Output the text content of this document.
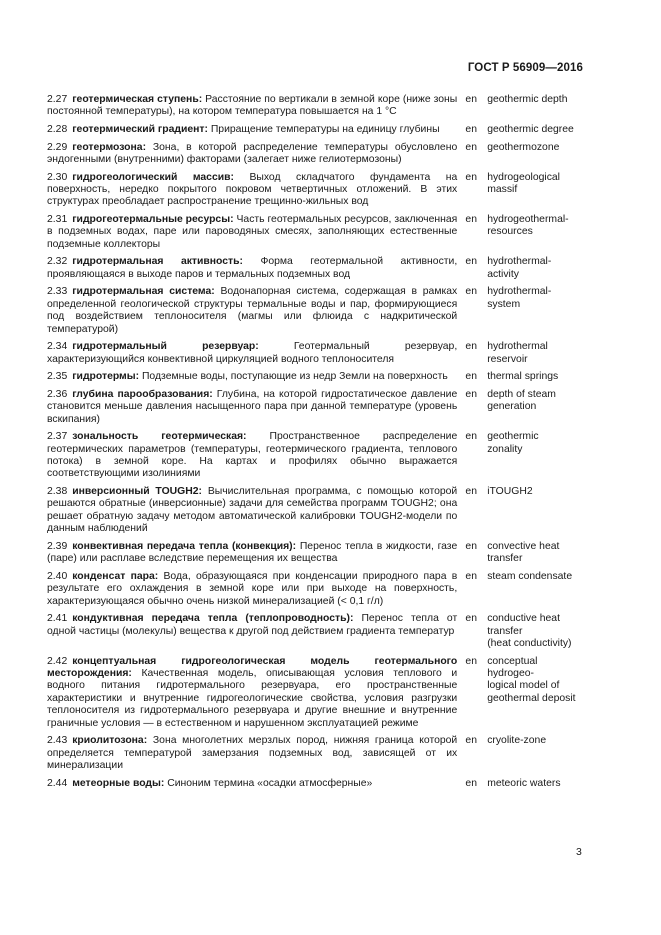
ГОСТ Р 56909—2016
2.27 геотермическая ступень: Расстояние по вертикали в земной коре (ниже зоны постоянной температуры), на котором температура повышается на 1 °С
en geothermic depth
2.28 геотермический градиент: Приращение температуры на единицу глубины	en geothermic degree
2.29 геотермозона: Зона, в которой распределение температуры обусловлено эндогенными (внутренними) факторами (залегает ниже гелиотермозоны)
en geothermozone
2.30 гидрогеологический массив: Выход складчатого фундамента на поверхность, нередко покрытого покровом четвертичных отложений. В этих структурах преобладает распространение трещинно-жильных вод
en hydrogeological
massif
2.31 гидрогеотермальные ресурсы: Часть геотермальных ресурсов, заключенная в подземных водах, паре или пароводяных смесях, заполняющих естественные подземные коллекторы
en hydrogeothermal-
resources
2.32 гидротермальная активность: Форма геотермальной активности, проявляющаяся в выходе паров и термальных подземных вод
en hydrothermal-
activity
2.33 гидротермальная система: Водонапорная система, содержащая в рамках определенной геологической структуры термальные воды и пар, формирующиеся под воздействием теплоносителя (магмы или флюида с надкритической температурой)
en hydrothermal-
system
2.34 гидротермальный резервуар: Геотермальный резервуар, характеризующийся конвективной циркуляцией водного теплоносителя
en hydrothermal
reservoir
2.35 гидротермы: Подземные воды, поступающие из недр Земли на поверхность	en thermal springs
2.36 глубина парообразования: Глубина, на которой гидростатическое давление становится меньше давления насыщенного пара при данной температуре (уровень вскипания)
en depth of steam
generation
2.37 зональность геотермическая: Пространственное распределение геотермических параметров (температуры, геотермического градиента, теплового потока) в земной коре. На картах и профилях обычно выражается соответствующими изолиниями
en geothermic
zonality
2.38 инверсионный TOUGH2: Вычислительная программа, с помощью которой решаются обратные (инверсионные) задачи для семейства программ TOUGH2; она решает обратную задачу методом автоматической калибровки TOUGH2-модели по данным наблюдений
en iTOUGH2
2.39 конвективная передача тепла (конвекция): Перенос тепла в жидкости, газе (паре) или расплаве вследствие перемещения их вещества
en convective heat
transfer
2.40 конденсат пара: Вода, образующаяся при конденсации природного пара в результате его охлаждения в земной коре или при выходе на поверхность, характеризующаяся обычно очень низкой минерализацией (< 0,1 г/л)
en steam condensate
2.41 кондуктивная передача тепла (теплопроводность): Перенос тепла от одной частицы (молекулы) вещества к другой под действием градиента температур
en conductive heat
transfer
(heat conductivity)
2.42 концептуальная гидрогеологическая модель геотермального месторождения: Качественная модель, описывающая условия теплового и водного питания гидротермального резервуара, его пространственные характеристики и внутренние гидрогеологические свойства, условия разгрузки теплоносителя из гидротермального резервуара и другие внешние и внутренние граничные условия — в естественном и нарушенном эксплуатацией режиме
en conceptual
hydrogeo-
logical model of
geothermal deposit
2.43 криолитозона: Зона многолетних мерзлых пород, нижняя граница которой определяется температурой замерзания подземных вод, зависящей от их минерализации
en cryolite-zone
2.44 метеорные воды: Синоним термина «осадки атмосферные»	en meteoric waters
3
